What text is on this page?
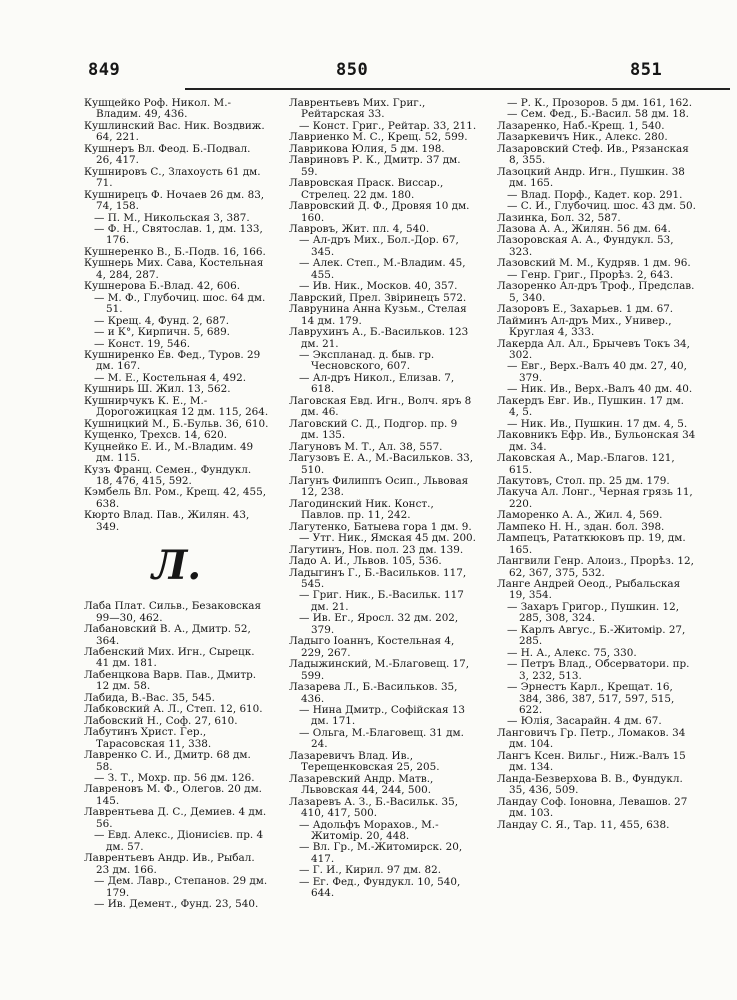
849	850	851
Кушцейко Роф. Никол. М.-Владим. 49, 436.
Кушлинский Вас. Ник. Воздвиж. 64, 221.
Кушнеръ Вл. Феод. Б.-Подвал. 26, 417.
Кушнировъ С., Злахоусть 61 дм. 71.
Кушнирецъ Ф. Ночаев 26 дм. 83, 74, 158.
— П. М., Никольская 3, 387.
— Ф. Н., Святослав. 1, дм. 133, 176.
Кушнеренко В., Б.-Подв. 16, 166.
Кушнерь Мих. Сава, Костельная 4, 284, 287.
Кушнерова Б.-Влад. 42, 606.
— М. Ф., Глубочиц. шос. 64 дм. 51.
— Крещ. 4, Фунд. 2, 687.
— и К°, Кирпичн. 5, 689.
— Конст. 19, 546.
Кушниренко Ев. Фед., Туров. 29 дм. 167.
— М. Е., Костельная 4, 492.
Кушнирь Ш. Жил. 13, 562.
Кушнирчукъ К. Е., М.-Дорогожицкая 12 дм. 115, 264.
Кушницкий М., Б.-Бульв. 36, 610.
Кущенко, Трехсв. 14, 620.
Куцнейко Е. И., М.-Владим. 49 дм. 115.
Кузъ Франц. Семен., Фундукл. 18, 476, 415, 592.
Кэмбель Вл. Ром., Крещ. 42, 455, 638.
Кюрто Влад. Пав., Жилян. 43, 349.
Л.
Лаба Плат. Сильв., Безаковская 99—30, 462.
Лабановский В. А., Дмитр. 52, 364.
Лабенский Мих. Игн., Сырецк. 41 дм. 181.
Лабенцкова Варв. Пав., Дмитр. 12 дм. 58.
Лабида, В.-Вас. 35, 545.
Лабковский А. Л., Степ. 12, 610.
Лабовский Н., Соф. 27, 610.
Лабутинъ Христ. Гер., Тарасовская 11, 338.
Лавренко С. И., Дмитр. 68 дм. 58.
— З. Т., Мохр. пр. 56 дм. 126.
Лавреновъ М. Ф., Олегов. 20 дм. 145.
Лаврентьева Д. С., Демиев. 4 дм. 56.
— Евд. Алекс., Діонисієв. пр. 4 дм. 57.
Лаврентьевъ Андр. Ив., Рыбал. 23 дм. 166.
— Дем. Лавр., Степанов. 29 дм. 179.
— Ив. Демент., Фунд. 23, 540.
Лаврентьевъ Мих. Григ., Рейтарская 33.
— Конст. Григ., Рейтар. 33, 211.
Лавриенко М. С., Крещ. 52, 599.
Лаврикова Юлия, 5 дм. 198.
Лавриновъ Р. К., Дмитр. 37 дм. 59.
Лавровская Праск. Виссар., Стрелец. 22 дм. 180.
Лавровский Д. Ф., Дровяя 10 дм. 160.
Лавровъ, Жит. пл. 4, 540.
— Ал-дръ Мих., Бол.-Дор. 67, 345.
— Алек. Степ., М.-Владим. 45, 455.
— Ив. Ник., Москов. 40, 357.
Лаврский, Прел. Звіринецъ 572.
Лаврунина Анна Кузьм., Стелая 14 дм. 179.
Лаврухинъ А., Б.-Васильков. 123 дм. 21.
— Экспланад. д. быв. гр. Чесновского, 607.
— Ал-дръ Никол., Елизав. 7, 618.
Лаговская Евд. Игн., Волч. яръ 8 дм. 46.
Лаговский С. Д., Подгор. пр. 9 дм. 135.
Лагуновъ М. Т., Ал. 38, 557.
Лагузовъ Е. А., М.-Васильков. 33, 510.
Лагунъ Филиппъ Осип., Львовая 12, 238.
Лагодинский Ник. Конст., Павлов. пр. 11, 242.
Лагутенко, Батыева гора 1 дм. 9.
— Утг. Ник., Ямская 45 дм. 200.
Лагутинъ, Нов. пол. 23 дм. 139.
Ладо А. И., Львов. 105, 536.
Ладыгинъ Г., Б.-Васильков. 117, 545.
— Григ. Ник., Б.-Васильк. 117 дм. 21.
— Ив. Ег., Яросл. 32 дм. 202, 379.
Ладыго Іоаннъ, Костельная 4, 229, 267.
Ладыжинский, М.-Благовещ. 17, 599.
Лазарева Л., Б.-Васильков. 35, 436.
— Нина Дмитр., Софійская 13 дм. 171.
— Ольга, М.-Благовещ. 31 дм. 24.
Лазаревичъ Влад. Ив., Терещенковская 25, 205.
Лазаревский Андр. Матв., Львовская 44, 244, 500.
Лазаревъ А. З., Б.-Васильк. 35, 410, 417, 500.
— Адольфъ Морахов., М.-Житомір. 20, 448.
— Вл. Гр., М.-Житомирск. 20, 417.
— Г. И., Кирил. 97 дм. 82.
— Ег. Фед., Фундукл. 10, 540, 644.
— Р. К., Прозоров. 5 дм. 161, 162.
— Сем. Фед., Б.-Васил. 58 дм. 18.
Лазаренко, Наб.-Крещ. 1, 540.
Лазаркевичъ Ник., Алекс. 280.
Лазаровский Стеф. Ив., Рязанская 8, 355.
Лазоцкий Андр. Игн., Пушкин. 38 дм. 165.
— Влад. Порф., Кадет. кор. 291.
— С. И., Глубочиц. шос. 43 дм. 50.
Лазинка, Бол. 32, 587.
Лазова А. А., Жилян. 56 дм. 64.
Лазоровская А. А., Фундукл. 53, 323.
Лазовский М. М., Кудряв. 1 дм. 96.
— Генр. Григ., Прорѣз. 2, 643.
Лазоренко Ал-дръ Троф., Предслав. 5, 340.
Лазоровъ Е., Захарьев. 1 дм. 67.
Лайминъ Ал-дръ Мих., Универ., Круглая 4, 333.
Лакерда Ал. Ал., Брычевъ Токъ 34, 302.
— Евг., Верх.-Валъ 40 дм. 27, 40, 379.
— Ник. Ив., Верх.-Валъ 40 дм. 40.
Лакердъ Евг. Ив., Пушкин. 17 дм. 4, 5.
— Ник. Ив., Пушкин. 17 дм. 4, 5.
Лаковникъ Ефр. Ив., Бульонская 34 дм. 34.
Лаковская А., Мар.-Благов. 121, 615.
Лакутовъ, Стол. пр. 25 дм. 179.
Лакуча Ал. Лонг., Черная грязь 11, 220.
Ламоренко А. А., Жил. 4, 569.
Лампеко Н. Н., здан. бол. 398.
Лампецъ, Рататкюковъ пр. 19, дм. 165.
Лангвили Генр. Алоиз., Прорѣз. 12, 62, 367, 375, 532.
Ланге Андрей Оеод., Рыбальская 19, 354.
— Захаръ Григор., Пушкин. 12, 285, 308, 324.
— Карлъ Авгус., Б.-Житомір. 27, 285.
— Н. А., Алекс. 75, 330.
— Петръ Влад., Обсерватори. пр. 3, 232, 513.
— Эрнестъ Карл., Крещат. 16, 384, 386, 387, 517, 597, 515, 622.
— Юлія, Засарайн. 4 дм. 67.
Ланговичъ Гр. Петр., Ломаков. 34 дм. 104.
Лангъ Ксен. Вильг., Ниж.-Валъ 15 дм. 134.
Ланда-Безверхова В. В., Фундукл. 35, 436, 509.
Ландау Соф. Іоновна, Левашов. 27 дм. 103.
Ландау С. Я., Тар. 11, 455, 638.
